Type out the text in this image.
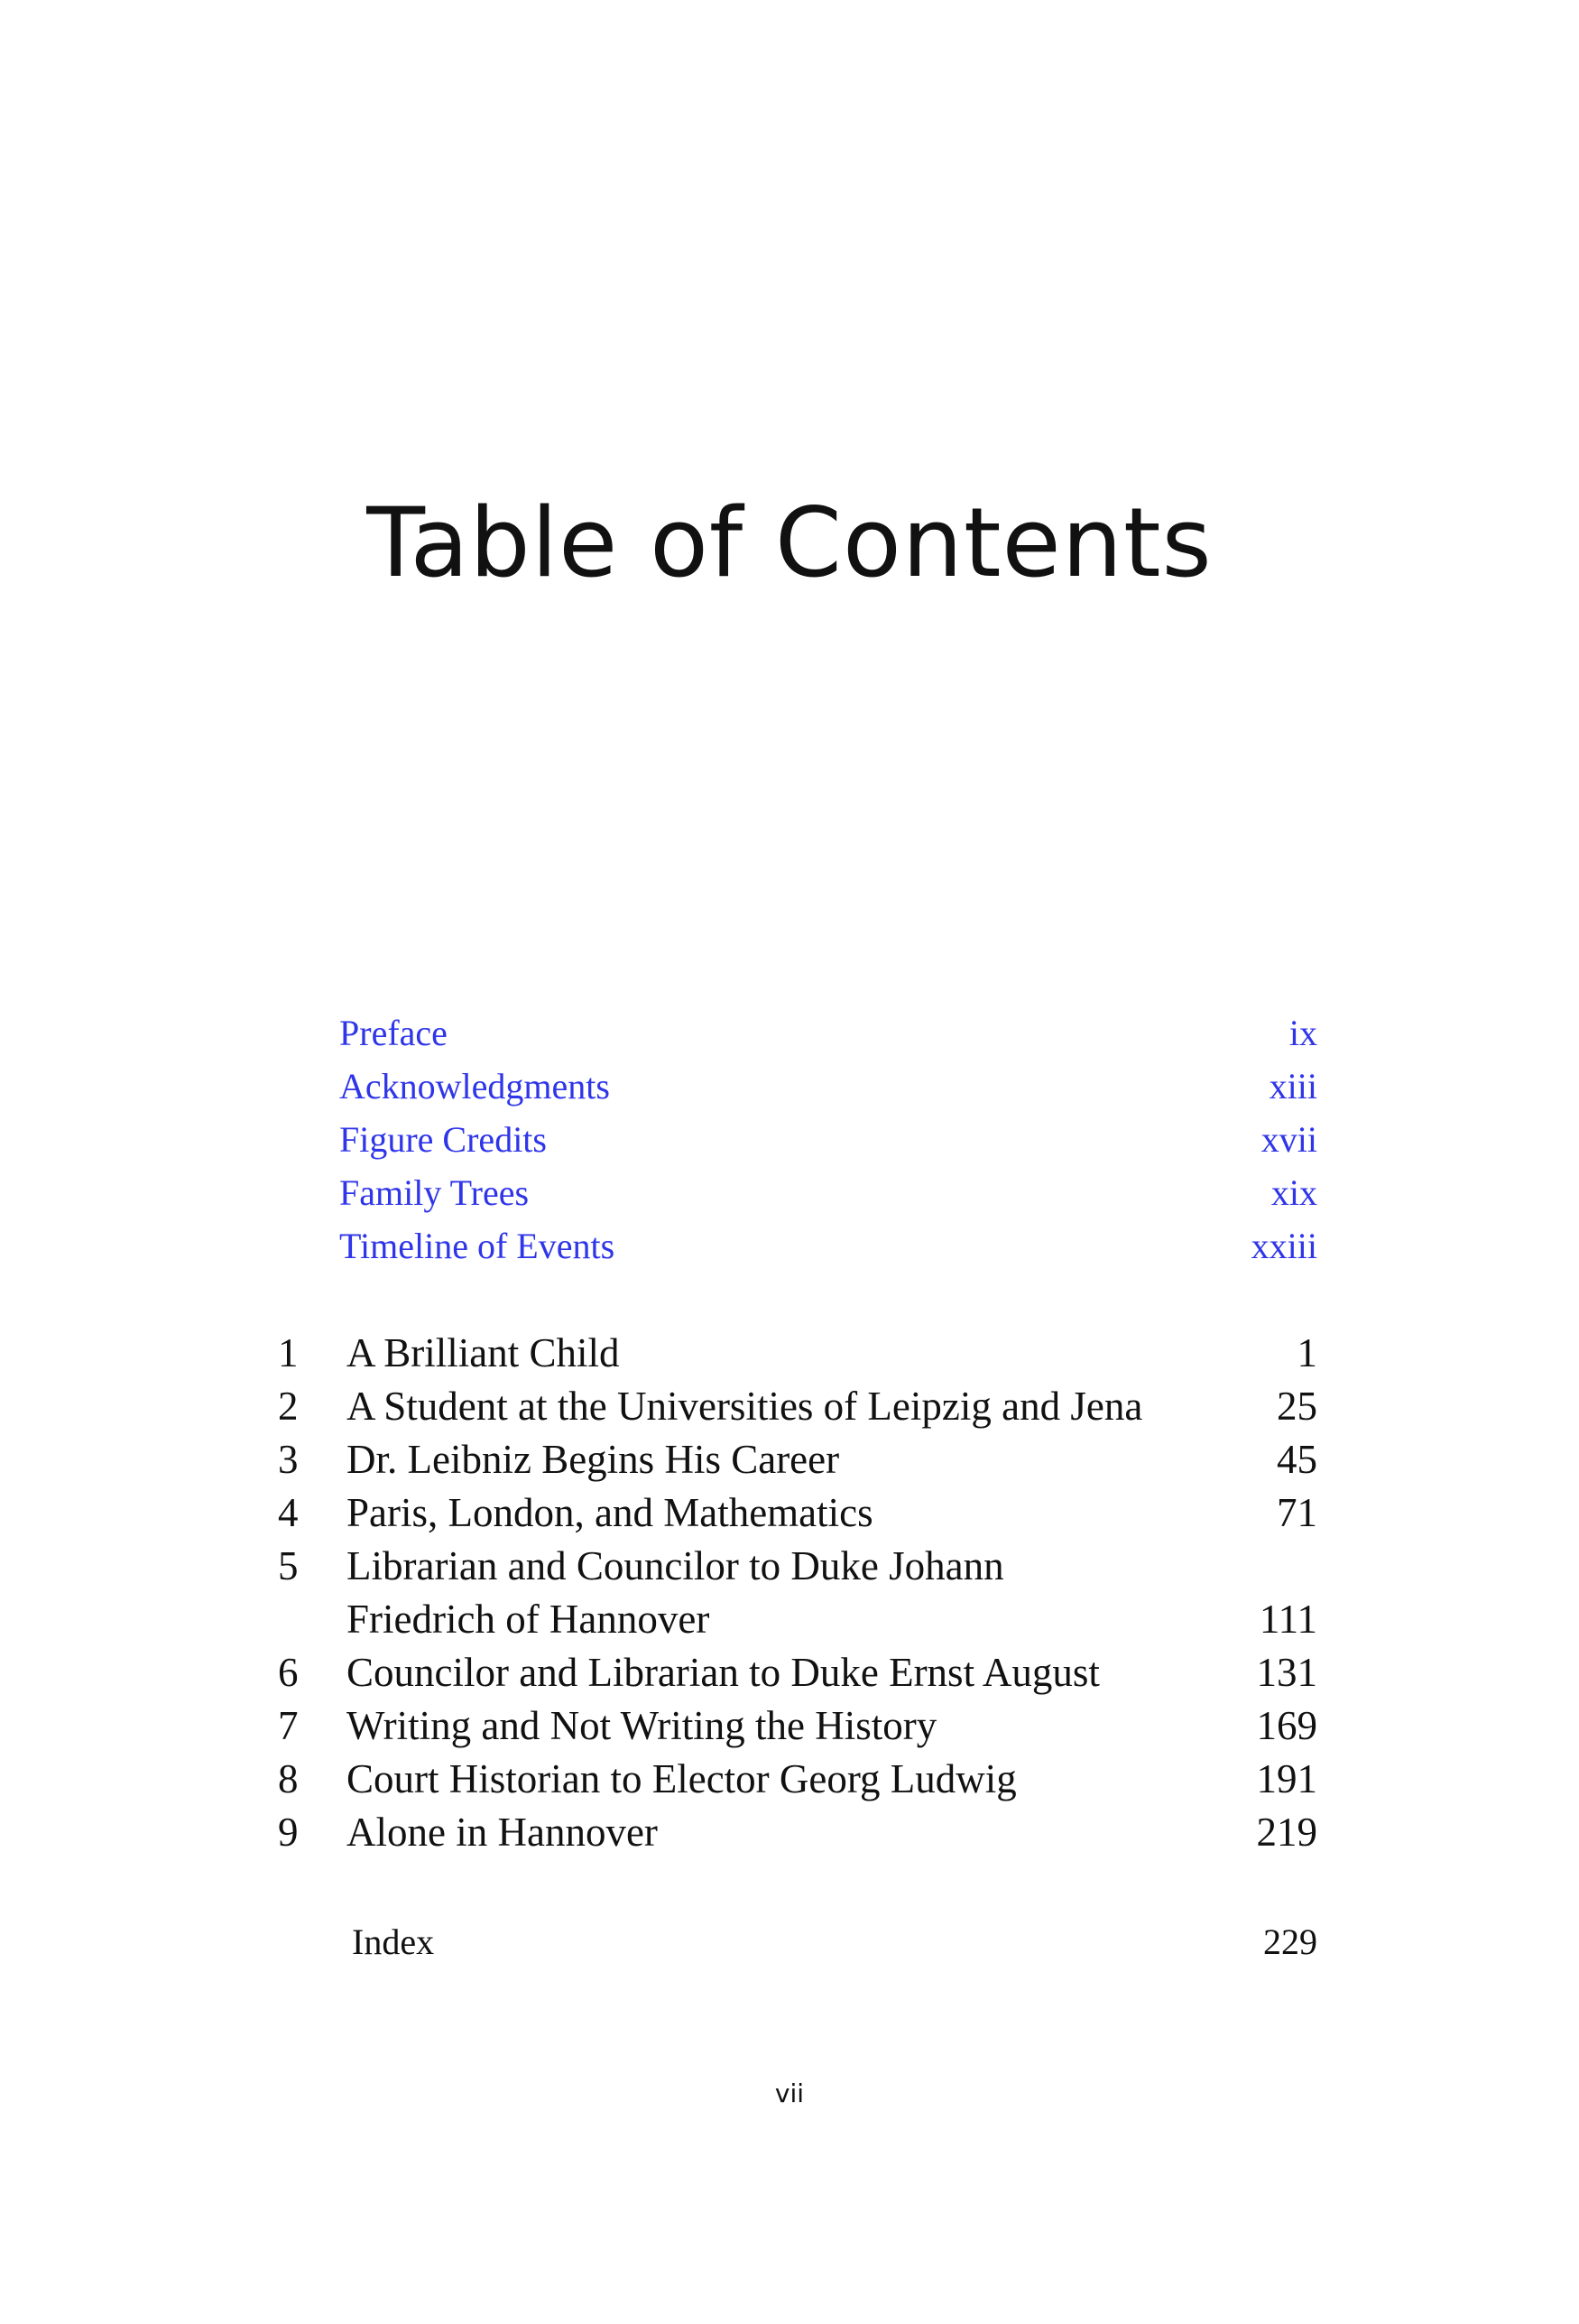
Table of Contents
Preface	ix
Acknowledgments	xiii
Figure Credits	xvii
Family Trees	xix
Timeline of Events	xxiii
1	A Brilliant Child	1
2	A Student at the Universities of Leipzig and Jena	25
3	Dr. Leibniz Begins His Career	45
4	Paris, London, and Mathematics	71
5	Librarian and Councilor to Duke Johann
Friedrich of Hannover	111
6	Councilor and Librarian to Duke Ernst August	131
7	Writing and Not Writing the History	169
8	Court Historian to Elector Georg Ludwig	191
9	Alone in Hannover	219
Index	229
vii
